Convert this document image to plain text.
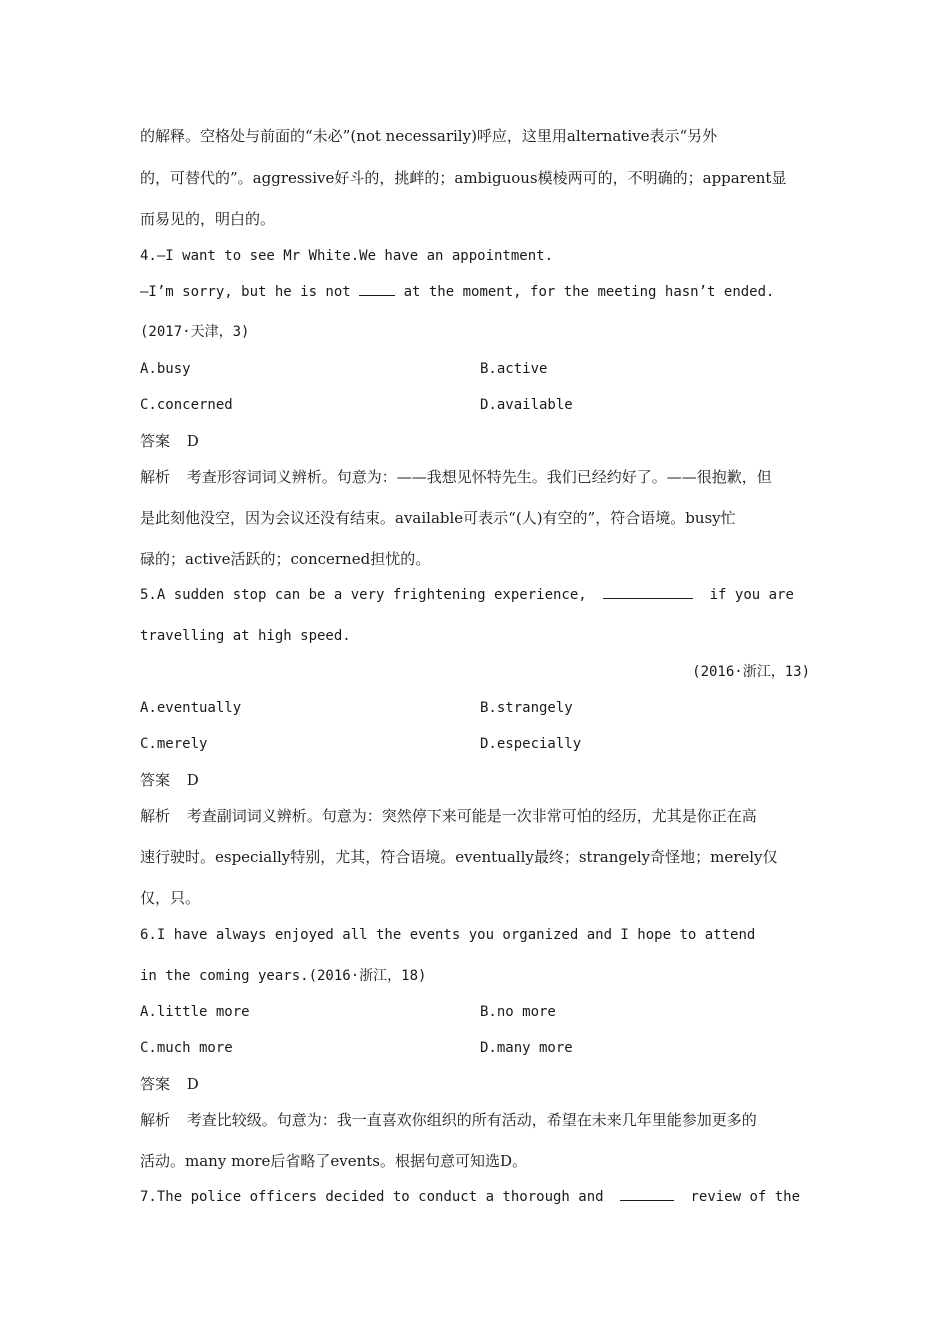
的解释。空格处与前面的“未必”(not necessarily)呼应，这里用alternative表示“另外
的，可替代的”。aggressive好斗的，挑衅的；ambiguous模棱两可的，不明确的；apparent显
而易见的，明白的。
4.—I want to see Mr White.We have an appointment.
—I’m sorry, but he is not	at the moment, for the meeting hasn’t ended.
(2017·天津，3)
A.busy	B.active
C.concerned	D.available
答案 D
解析 考查形容词词义辨析。句意为：——我想见怀特先生。我们已经约好了。——很抱歉，但
是此刻他没空，因为会议还没有结束。available可表示“(人)有空的”，符合语境。busy忙
碌的；active活跃的；concerned担忧的。
5.A sudden stop can be a very frightening experience,	if you are
travelling at high speed.
(2016·浙江，13)
A.eventually	B.strangely
C.merely	D.especially
答案 D
解析 考查副词词义辨析。句意为：突然停下来可能是一次非常可怕的经历，尤其是你正在高
速行驶时。especially特别，尤其，符合语境。eventually最终；strangely奇怪地；merely仅
仅，只。
6.I have always enjoyed all the events you organized and I hope to attend
in the coming years.(2016·浙江，18)
A.little more	B.no more
C.much more	D.many more
答案 D
解析 考查比较级。句意为：我一直喜欢你组织的所有活动，希望在未来几年里能参加更多的
活动。many more后省略了events。根据句意可知选D。
7.The police officers decided to conduct a thorough and	review of the
